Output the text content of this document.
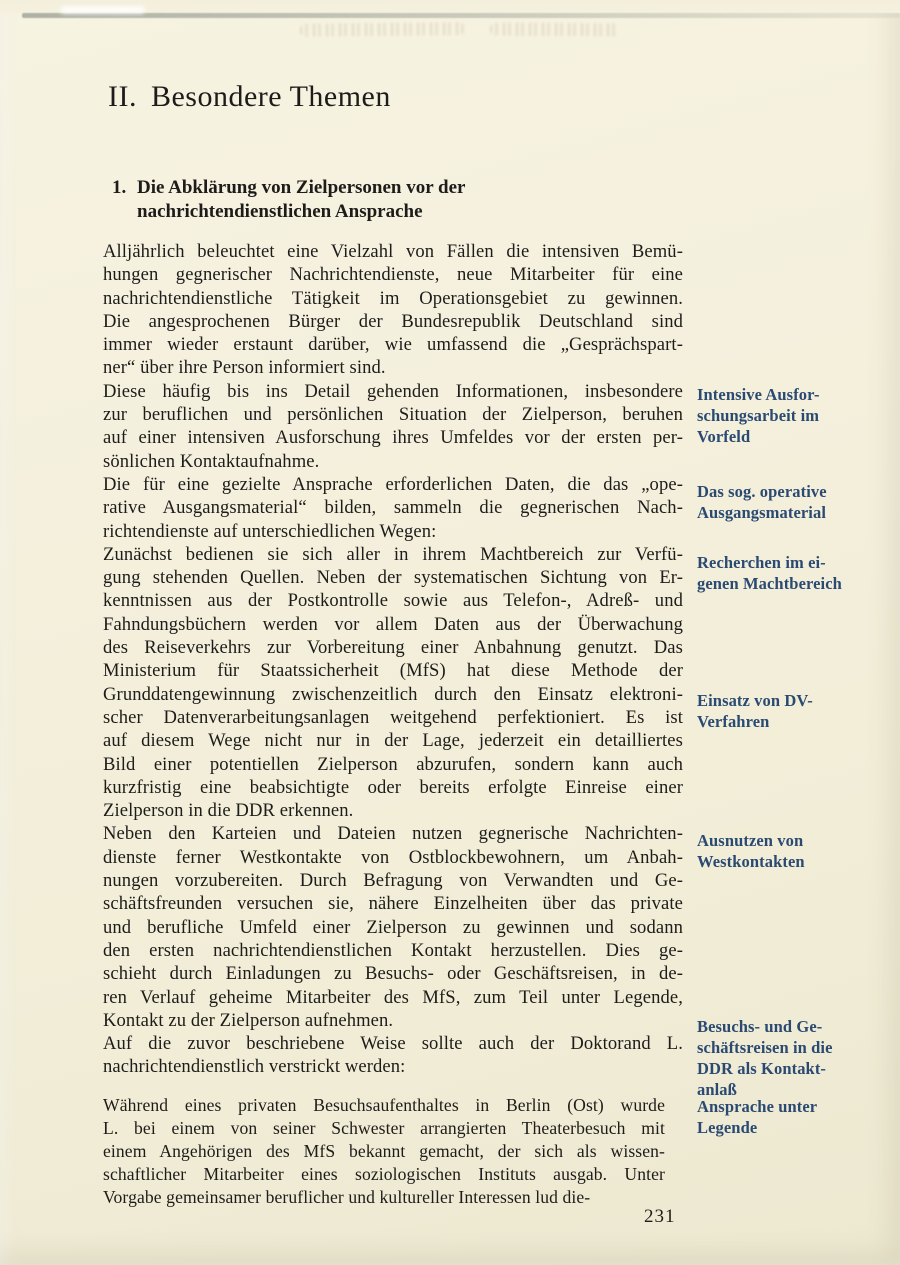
II. Besondere Themen
1. Die Abklärung von Zielpersonen vor der
nachrichtendienstlichen Ansprache
Alljährlich beleuchtet eine Vielzahl von Fällen die intensiven Bemü-
hungen gegnerischer Nachrichtendienste, neue Mitarbeiter für eine
nachrichtendienstliche Tätigkeit im Operationsgebiet zu gewinnen.
Die angesprochenen Bürger der Bundesrepublik Deutschland sind
immer wieder erstaunt darüber, wie umfassend die „Gesprächspart-
ner“ über ihre Person informiert sind.
Diese häufig bis ins Detail gehenden Informationen, insbesondere
zur beruflichen und persönlichen Situation der Zielperson, beruhen
auf einer intensiven Ausforschung ihres Umfeldes vor der ersten per-
sönlichen Kontaktaufnahme.
Die für eine gezielte Ansprache erforderlichen Daten, die das „ope-
rative Ausgangsmaterial“ bilden, sammeln die gegnerischen Nach-
richtendienste auf unterschiedlichen Wegen:
Zunächst bedienen sie sich aller in ihrem Machtbereich zur Verfü-
gung stehenden Quellen. Neben der systematischen Sichtung von Er-
kenntnissen aus der Postkontrolle sowie aus Telefon-, Adreß- und
Fahndungsbüchern werden vor allem Daten aus der Überwachung
des Reiseverkehrs zur Vorbereitung einer Anbahnung genutzt. Das
Ministerium für Staatssicherheit (MfS) hat diese Methode der
Grunddatengewinnung zwischenzeitlich durch den Einsatz elektroni-
scher Datenverarbeitungsanlagen weitgehend perfektioniert. Es ist
auf diesem Wege nicht nur in der Lage, jederzeit ein detailliertes
Bild einer potentiellen Zielperson abzurufen, sondern kann auch
kurzfristig eine beabsichtigte oder bereits erfolgte Einreise einer
Zielperson in die DDR erkennen.
Neben den Karteien und Dateien nutzen gegnerische Nachrichten-
dienste ferner Westkontakte von Ostblockbewohnern, um Anbah-
nungen vorzubereiten. Durch Befragung von Verwandten und Ge-
schäftsfreunden versuchen sie, nähere Einzelheiten über das private
und berufliche Umfeld einer Zielperson zu gewinnen und sodann
den ersten nachrichtendienstlichen Kontakt herzustellen. Dies ge-
schieht durch Einladungen zu Besuchs- oder Geschäftsreisen, in de-
ren Verlauf geheime Mitarbeiter des MfS, zum Teil unter Legende,
Kontakt zu der Zielperson aufnehmen.
Auf die zuvor beschriebene Weise sollte auch der Doktorand L.
nachrichtendienstlich verstrickt werden:
Während eines privaten Besuchsaufenthaltes in Berlin (Ost) wurde
L. bei einem von seiner Schwester arrangierten Theaterbesuch mit
einem Angehörigen des MfS bekannt gemacht, der sich als wissen-
schaftlicher Mitarbeiter eines soziologischen Instituts ausgab. Unter
Vorgabe gemeinsamer beruflicher und kultureller Interessen lud die-
Intensive Ausfor-
schungsarbeit im
Vorfeld
Das sog. operative
Ausgangsmaterial
Recherchen im ei-
genen Machtbereich
Einsatz von DV-
Verfahren
Ausnutzen von
Westkontakten
Besuchs- und Ge-
schäftsreisen in die
DDR als Kontakt-
anlaß
Ansprache unter
Legende
231
